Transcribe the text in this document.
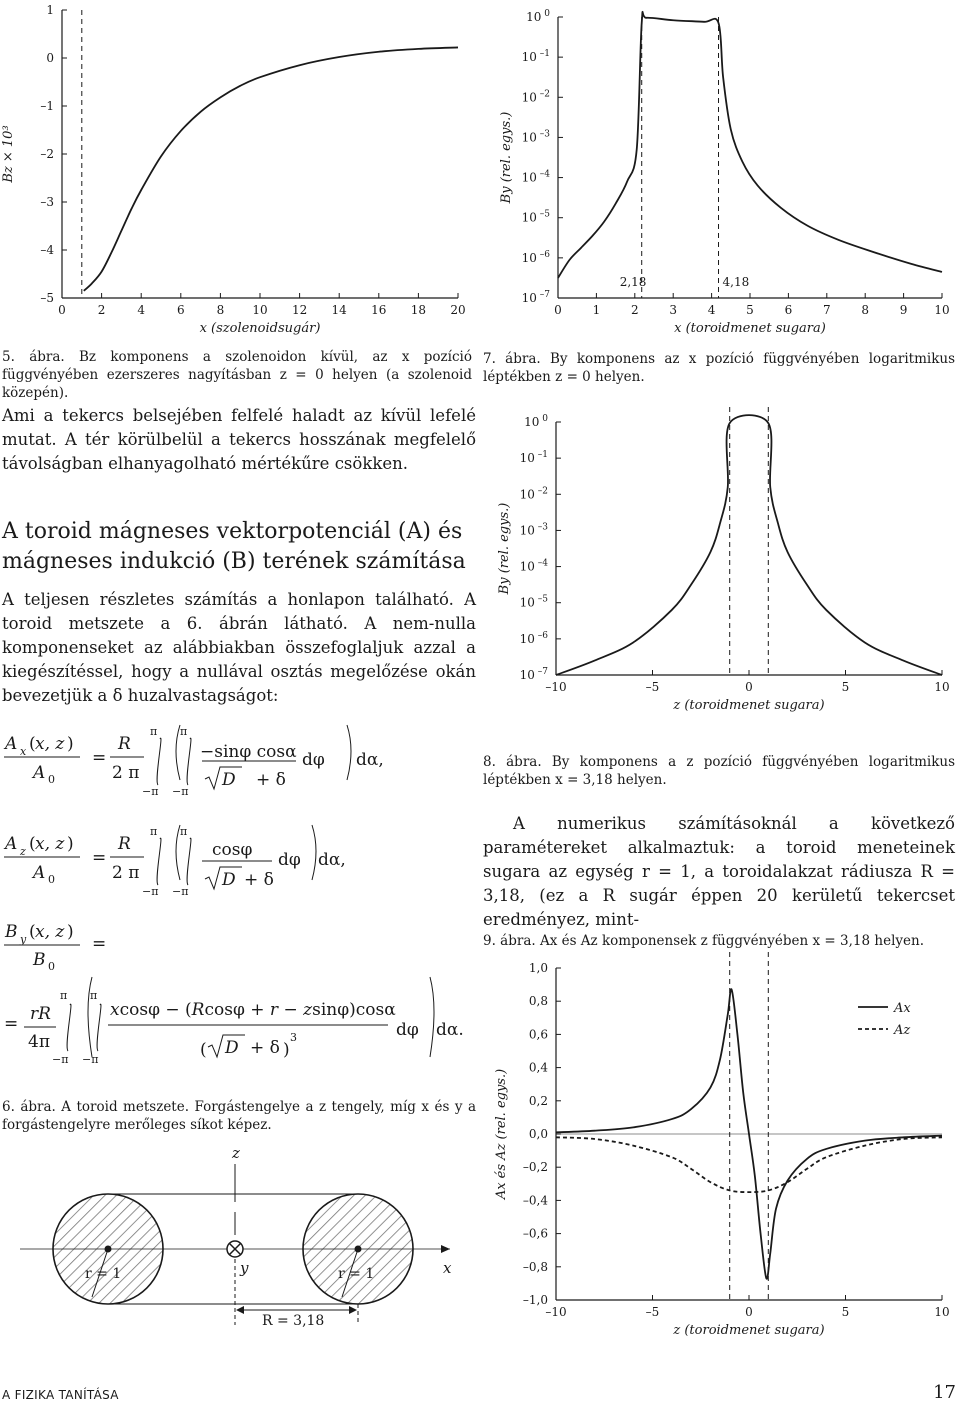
0	2	4	6	8 10 12 14 16 18 20
1
0
–1
–2
–3
–4
–5
x (szolenoidsugár)
Bz × 10³
5. ábra. Bz komponens a szolenoidon kívül, az x pozíció függvényében ezerszeres nagyításban z = 0 helyen (a szolenoid közepén).
0	1	2	3	4	5	6	7	8	9 10
10 $^0$
10 $^{-1}$
10 $^{-2}$
10 $^{-3}$
10 $^{-4}$
10 $^{-5}$
10 $^{-6}$
10 $^{-7}$
x (toroidmenet sugara)
By (rel. egys.)
2,18	4,18
7. ábra. By komponens az x pozíció függvényében logaritmikus léptékben z = 0 helyen.
Ami a tekercs belsejében felfelé haladt az kívül lefelé mutat. A tér körülbelül a tekercs hosszának megfelelő távolságban elhanyagolható mértékűre csökken.
A toroid mágneses vektorpotenciál (A) és mágneses indukció (B) terének számítása
A teljesen részletes számítás a honlapon található. A toroid metszete a 6. ábrán látható. A nem-nulla komponenseket az alábbiakban összefoglaljuk azzal a kiegészítéssel, hogy a nullával osztás megelőzése okán bevezetjük a δ huzalvastagságot:
A x ( x, z )
A 0
=
R
2 π
π
−π
π
−π
−sinφ cosα
D + δ
dφ dα,
A z ( x, z )
A 0
=
R
2 π
π
−π
π
−π
cosφ
D + δ
dφ dα,
B y ( x, z )
B 0
=
= rR
4π
π
−π
π
−π
xcosφ − (Rcosφ + r − zsinφ)cosα
( D + δ )
3	dφ dα.
6. ábra. A toroid metszete. Forgástengelye a z tengely, míg x és y a forgástengelyre merőleges síkot képez.
z
x
y
r = 1	r = 1
R = 3,18
–10	–5	0	5	10
10 $^0$
10 $^{-1}$
10 $^{-2}$
10 $^{-3}$
10 $^{-4}$
10 $^{-5}$
10 $^{-6}$
10 $^{-7}$
z (toroidmenet sugara)
By (rel. egys.)
8. ábra. By komponens a z pozíció függvényében logaritmikus léptékben x = 3,18 helyen.
A numerikus számításoknál a következő paramétereket alkalmaztuk: a toroid meneteinek sugara az egység r = 1, a toroidalakzat rádiusza R = 3,18, (ez a R sugár éppen 20 kerületű tekercset eredményez, mint-
9. ábra. Ax és Az komponensek z függvényében x = 3,18 helyen.
–10	–5	0	5	10
1,0
0,8
0,6
0,4
0,2
0,0
–0,2
–0,4
–0,6
–0,8
–1,0
z (toroidmenet sugara)
Ax és Az (rel. egys.)
Ax
Az
A FIZIKA TANÍTÁSA	17
